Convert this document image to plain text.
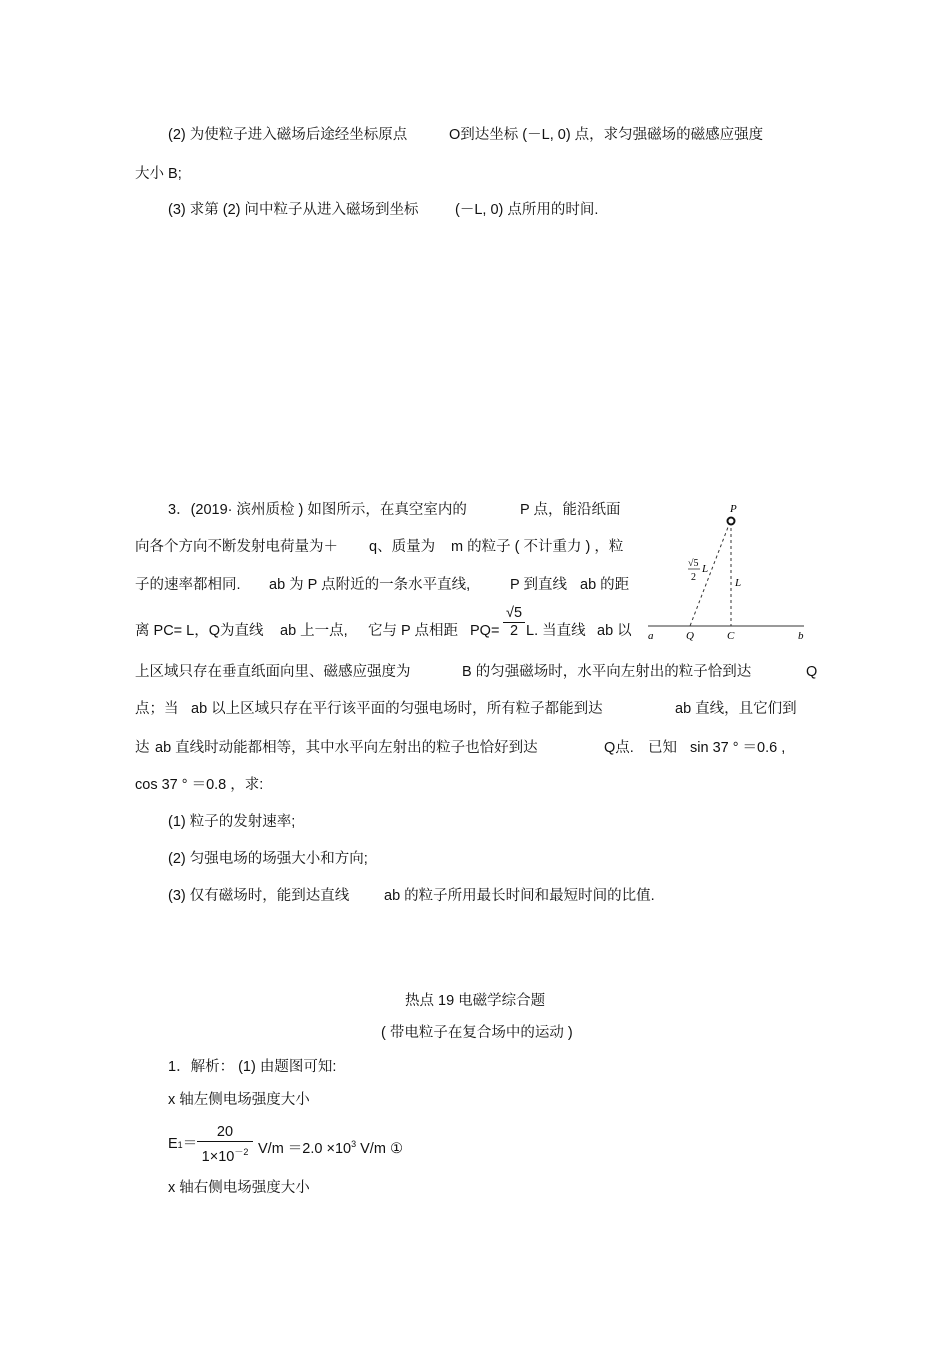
(2) 为使粒子进入磁场后途经坐标原点	O到达坐标 (－L, 0) 点，求匀强磁场的磁感应强度
大小 B;
(3) 求第 (2) 问中粒子从进入磁场到坐标	(－L, 0) 点所用的时间.
3．(2019· 滨州质检 ) 如图所示，在真空室内的	P 点，能沿纸面
向各个方向不断发射电荷量为＋ q、质量为 m 的粒子 ( 不计重力 ) ，粒
子的速率都相同. ab 为 P 点附近的一条水平直线,	P 到直线 ab 的距
离 PC= L，Q为直线 ab 上一点, 它与 P 点相距 $PQ= \frac{√5}{2} L$. 当直线 ab 以
上区域只存在垂直纸面向里、磁感应强度为	B 的匀强磁场时，水平向左射出的粒子恰到达	Q
点；当 ab 以上区域只存在平行该平面的匀强电场时，所有粒子都能到达	ab 直线，且它们到
达 ab 直线时动能都相等，其中水平向左射出的粒子也恰好到达	Q点. 已知 sin 37 ° ＝0.6 ,
cos 37 ° ＝0.8 ，求:
(1) 粒子的发射速率;
(2) 匀强电场的场强大小和方向;
(3) 仅有磁场时，能到达直线 ab 的粒子所用最长时间和最短时间的比值.
P
L
√5
2
L
a	Q	C	b
热点 19 电磁学综合题
( 带电粒子在复合场中的运动 )
1．解析： (1) 由题图可知:
x 轴左侧电场强度大小
$E1= \frac{20}{1\times 10^{-2}} V/m =2.0 \times 10^3$ V/m ①
x 轴右侧电场强度大小
